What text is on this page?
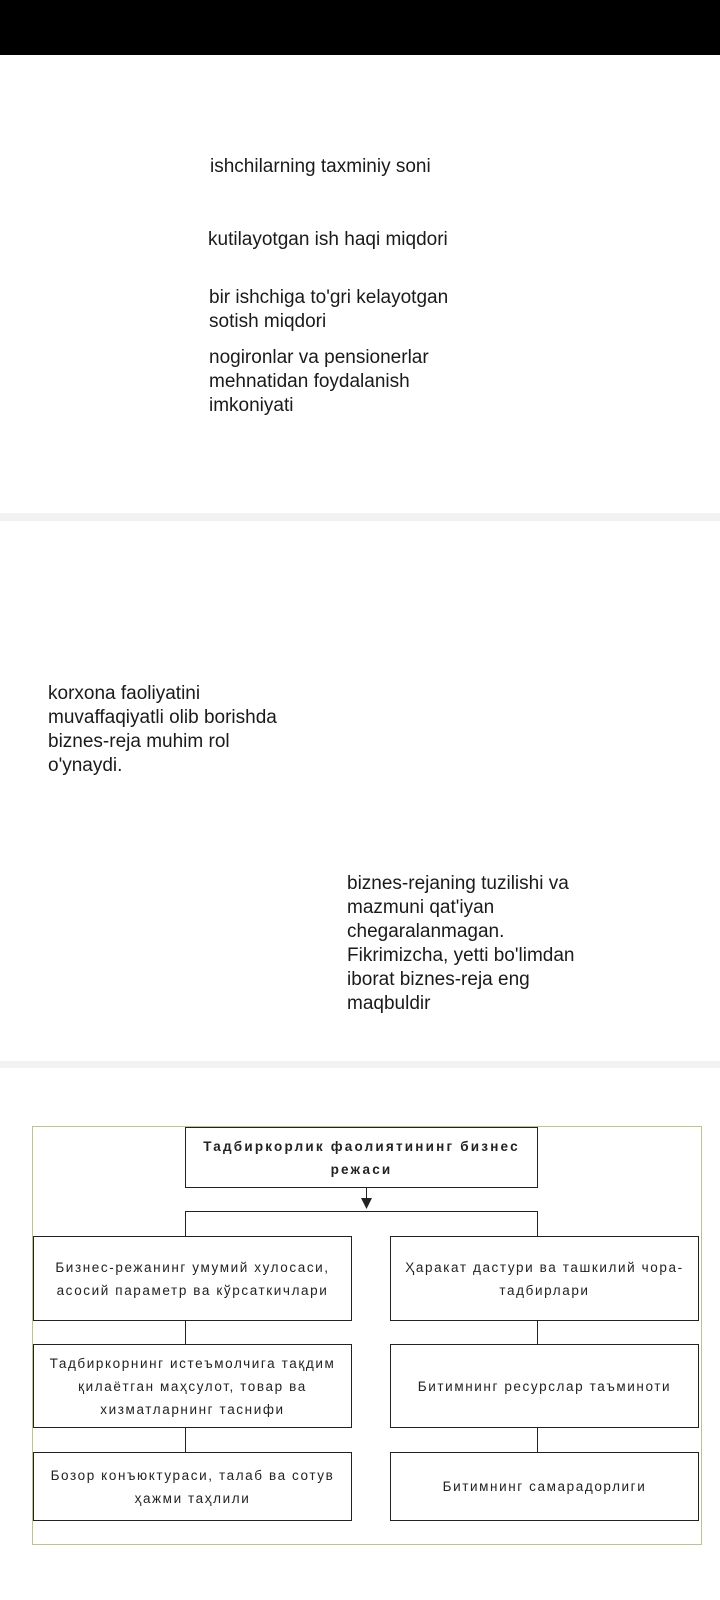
ishchilarning taxminiy soni
kutilayotgan ish haqi miqdori
bir ishchiga to'gri kelayotgan sotish miqdori
nogironlar va pensionerlar mehnatidan foydalanish imkoniyati
korxona faoliyatini muvaffaqiyatli olib borishda biznes-reja muhim rol o'ynaydi.
biznes-rejaning tuzilishi va mazmuni qat'iyan chegaralanmagan. Fikrimizcha, yetti bo'limdan iborat biznes-reja eng maqbuldir
Тадбиркорлик фаолиятининг бизнес режаси
Бизнес-режанинг умумий хулосаси, асосий параметр ва кўрсаткичлари
Тадбиркорнинг истеъмолчига тақдим қилаётган маҳсулот, товар ва хизматларнинг таснифи
Бозор конъюктураси, талаб ва сотув ҳажми таҳлили
Ҳаракат дастури ва ташкилий чора-тадбирлари
Битимнинг ресурслар таъминоти
Битимнинг самарадорлиги
